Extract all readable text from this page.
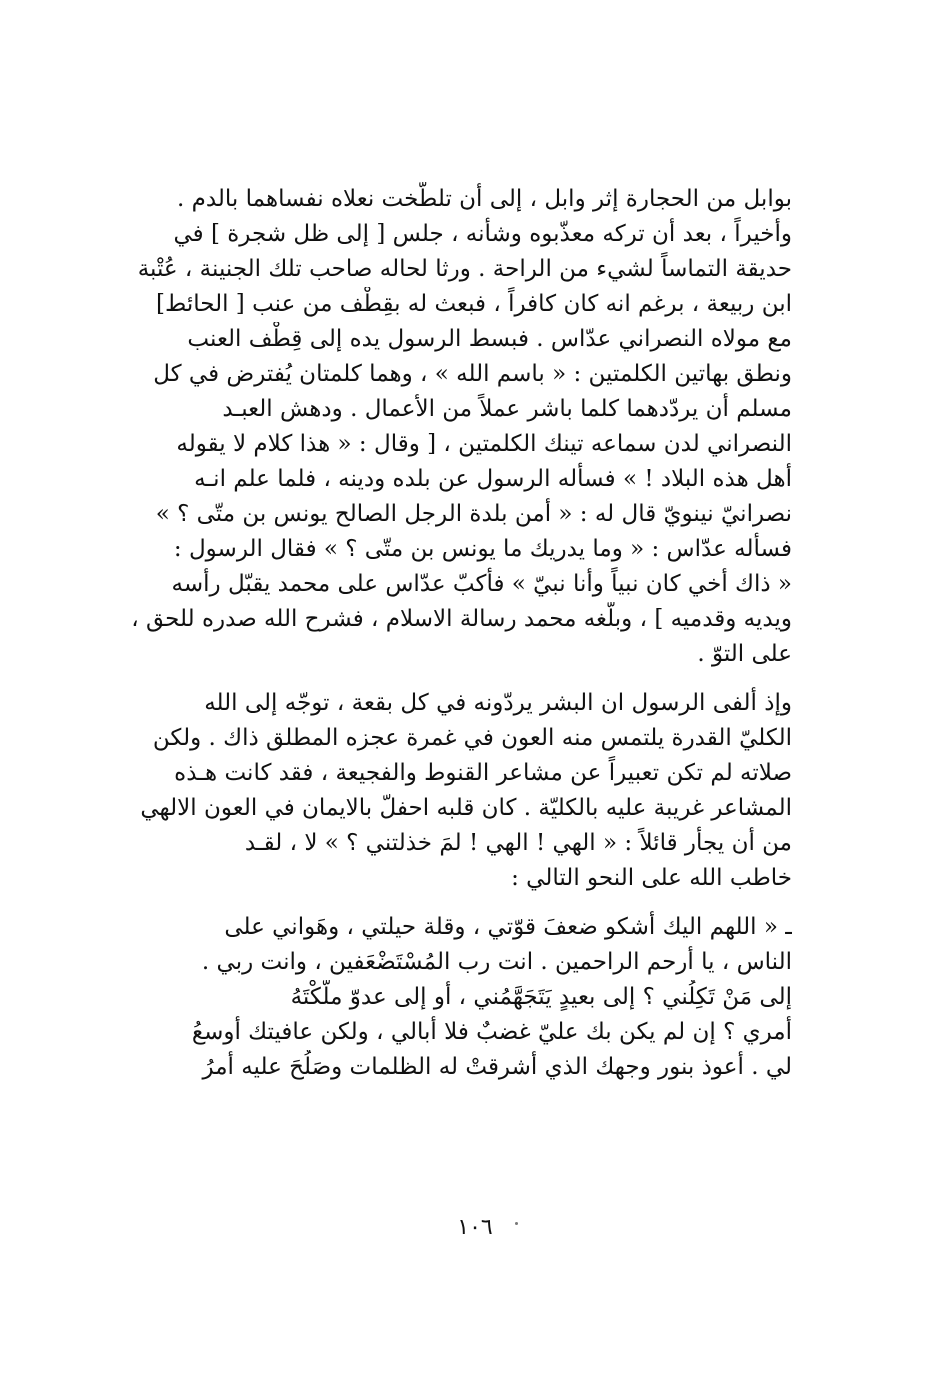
بوابل من الحجارة إثر وابل ، إلى أن تلطّخت نعلاه نفساهما بالدم .
وأخيراً ، بعد أن تركه معذّبوه وشأنه ، جلس [ إلى ظل شجرة ] في
حديقة التماساً لشيء من الراحة . ورثا لحاله صاحب تلك الجنينة ، عُتْبة
ابن ربيعة ، برغم انه كان كافراً ، فبعث له بقِطْف من عنب [ الحائط]
مع مولاه النصراني عدّاس . فبسط الرسول يده إلى قِطْف العنب
ونطق بهاتين الكلمتين : « باسم الله » ، وهما كلمتان يُفترض في كل
مسلم أن يردّدهما كلما باشر عملاً من الأعمال . ودهش العبـد
النصراني لدن سماعه تينك الكلمتين ، [ وقال : « هذا كلام لا يقوله
أهل هذه البلاد ! » فسأله الرسول عن بلده ودينه ، فلما علم انـه
نصرانيّ نينويّ قال له : « أمن بلدة الرجل الصالح يونس بن متّى ؟ »
فسأله عدّاس : « وما يدريك ما يونس بن متّى ؟ » فقال الرسول :
« ذاك أخي كان نبياً وأنا نبيّ » فأكبّ عدّاس على محمد يقبّل رأسه
ويديه وقدميه ] ، وبلّغه محمد رسالة الاسلام ، فشرح الله صدره للحق ،
على التوّ .
وإذ ألفى الرسول ان البشر يردّونه في كل بقعة ، توجّه إلى الله
الكليّ القدرة يلتمس منه العون في غمرة عجزه المطلق ذاك . ولكن
صلاته لم تكن تعبيراً عن مشاعر القنوط والفجيعة ، فقد كانت هـذه
المشاعر غريبة عليه بالكليّة . كان قلبه احفلّ بالايمان في العون الالهي
من أن يجأر قائلاً : « الهي ! الهي ! لمَ خذلتني ؟ » لا ، لقـد
خاطب الله على النحو التالي :
ـ « اللهم اليك أشكو ضعفَ قوّتي ، وقلة حيلتي ، وهَواني على
الناس ، يا أرحم الراحمين . انت رب المُسْتَضْعَفين ، وانت ربي .
إلى مَنْ تَكِلُني ؟ إلى بعيدٍ يَتَجَهَّمُني ، أو إلى عدوّ ملّكْتَهُ
أمري ؟ إن لم يكن بك عليّ غضبٌ فلا أبالي ، ولكن عافيتك أوسعُ
لي . أعوذ بنور وجهك الذي أشرقتْ له الظلمات وصَلُحَ عليه أمرُ
١٠٦
